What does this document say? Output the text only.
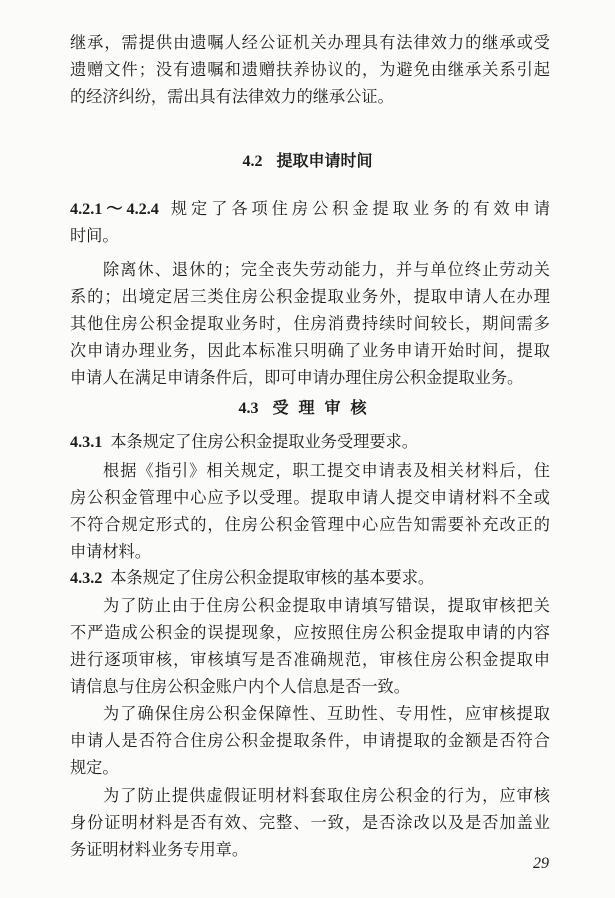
继承，需提供由遗嘱人经公证机关办理具有法律效力的继承或受
遗赠文件；没有遗嘱和遗赠扶养协议的，为避免由继承关系引起
的经济纠纷，需出具有法律效力的继承公证。
4.2 提取申请时间
4.2.1～4.2.4 规定了各项住房公积金提取业务的有效申请
时间。
除离休、退休的；完全丧失劳动能力，并与单位终止劳动关
系的；出境定居三类住房公积金提取业务外，提取申请人在办理
其他住房公积金提取业务时，住房消费持续时间较长，期间需多
次申请办理业务，因此本标准只明确了业务申请开始时间，提取
申请人在满足申请条件后，即可申请办理住房公积金提取业务。
4.3 受理审核
4.3.1 本条规定了住房公积金提取业务受理要求。
根据《指引》相关规定，职工提交申请表及相关材料后，住
房公积金管理中心应予以受理。提取申请人提交申请材料不全或
不符合规定形式的，住房公积金管理中心应告知需要补充改正的
申请材料。
4.3.2 本条规定了住房公积金提取审核的基本要求。
为了防止由于住房公积金提取申请填写错误，提取审核把关
不严造成公积金的误提现象，应按照住房公积金提取申请的内容
进行逐项审核，审核填写是否准确规范，审核住房公积金提取申
请信息与住房公积金账户内个人信息是否一致。
为了确保住房公积金保障性、互助性、专用性，应审核提取
申请人是否符合住房公积金提取条件，申请提取的金额是否符合
规定。
为了防止提供虚假证明材料套取住房公积金的行为，应审核
身份证明材料是否有效、完整、一致，是否涂改以及是否加盖业
务证明材料业务专用章。
29
